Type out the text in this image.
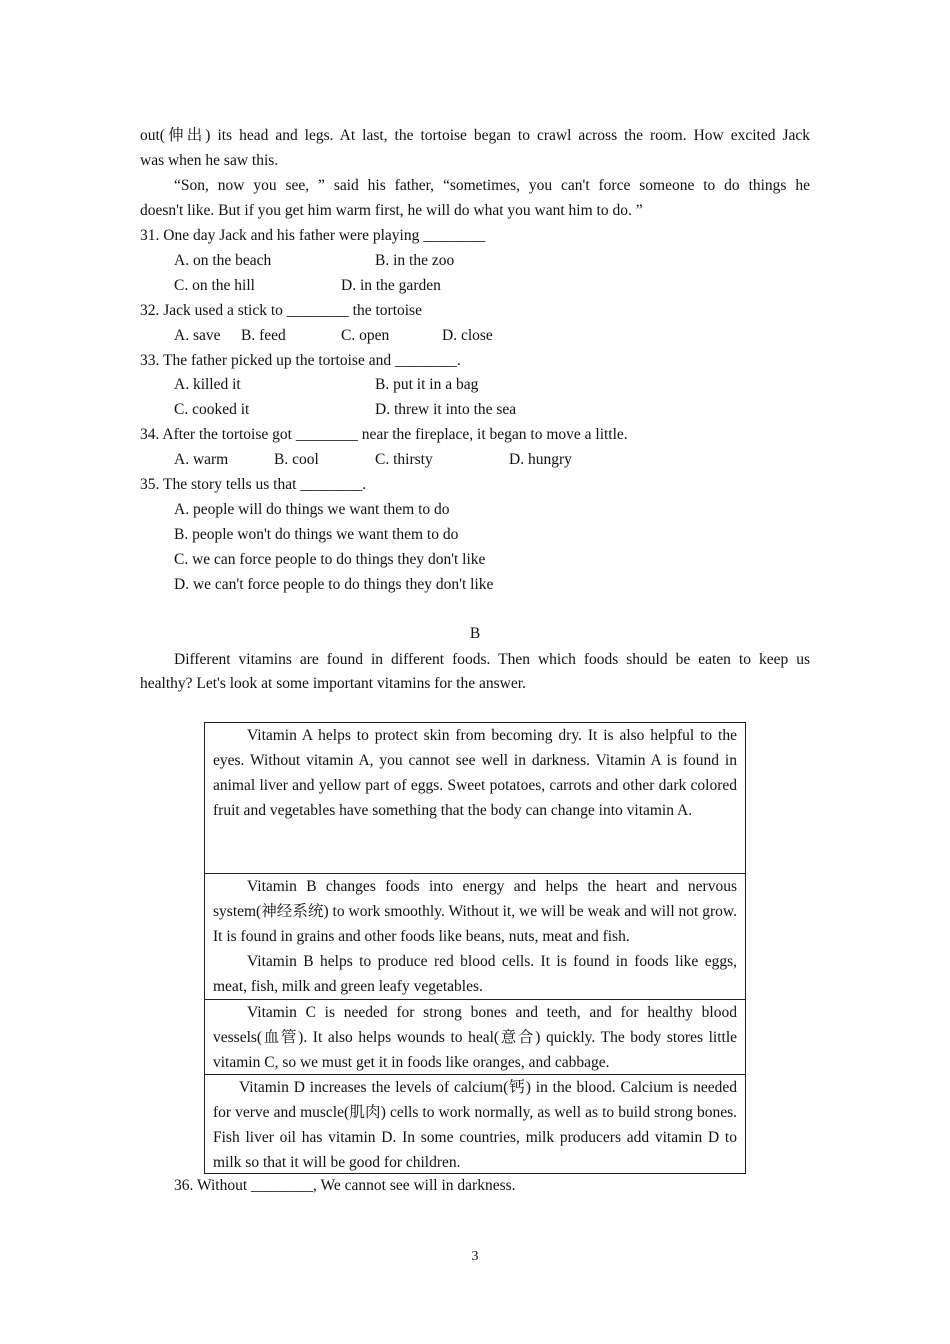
out(伸出) its head and legs. At last, the tortoise began to crawl across the room. How excited Jack
was when he saw this.
“Son, now you see, ” said his father, “sometimes, you can't force someone to do things he
doesn't like. But if you get him warm first, he will do what you want him to do. ”
31. One day Jack and his father were playing ________
A. on the beach	B. in the zoo
C. on the hill	D. in the garden
32. Jack used a stick to ________ the tortoise
A. save B. feed	C. open	D. close
33. The father picked up the tortoise and ________.
A. killed it	B. put it in a bag
C. cooked it	D. threw it into the sea
34. After the tortoise got ________ near the fireplace, it began to move a little.
A. warm	B. cool	C. thirsty	D. hungry
35. The story tells us that ________.
A. people will do things we want them to do
B. people won't do things we want them to do
C. we can force people to do things they don't like
D. we can't force people to do things they don't like
B
Different vitamins are found in different foods. Then which foods should be eaten to keep us
healthy? Let's look at some important vitamins for the answer.

Vitamin A helps to protect skin from becoming dry. It is also helpful to the eyes. Without vitamin A, you cannot see well in darkness. Vitamin A is found in animal liver and yellow part of eggs. Sweet potatoes, carrots and other dark colored fruit and vegetables have something that the body can change into vitamin A.

Vitamin B changes foods into energy and helps the heart and nervous system(神经系统) to work smoothly. Without it, we will be weak and will not grow. It is found in grains and other foods like beans, nuts, meat and fish.

Vitamin B helps to produce red blood cells. It is found in foods like eggs, meat, fish, milk and green leafy vegetables.

Vitamin C is needed for strong bones and teeth, and for healthy blood vessels(血管). It also helps wounds to heal(意合) quickly. The body stores little vitamin C, so we must get it in foods like oranges, and cabbage.

Vitamin D increases the levels of calcium(钙) in the blood. Calcium is needed for verve and muscle(肌肉) cells to work normally, as well as to build strong bones. Fish liver oil has vitamin D. In some countries, milk producers add vitamin D to milk so that it will be good for children.

36. Without ________, We cannot see will in darkness.
3
